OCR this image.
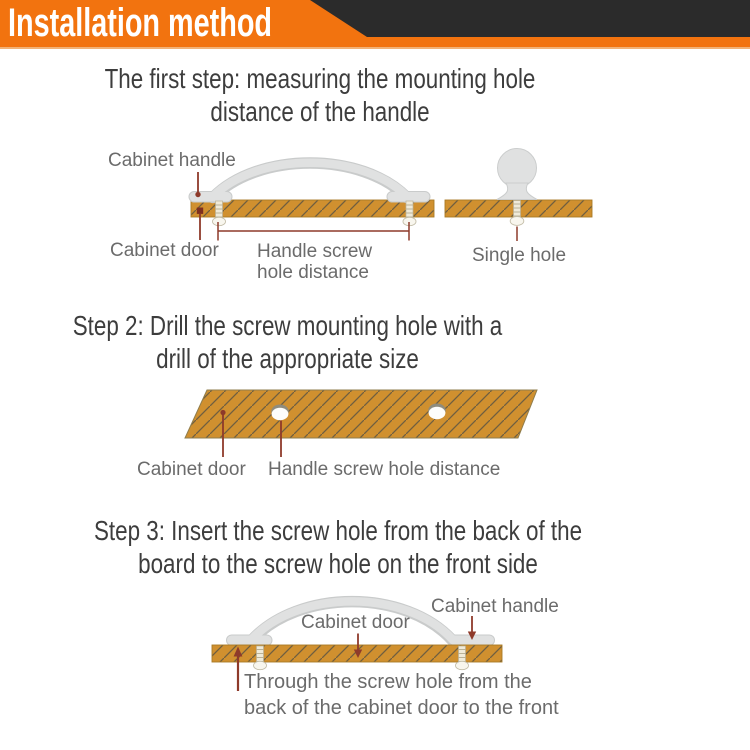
Installation method
The first step: measuring the mounting hole
distance of the handle
Step 2: Drill the screw mounting hole with a
drill of the appropriate size
Step 3: Insert the screw hole from the back of the
board to the screw hole on the front side
Cabinet handle
Cabinet door Handle screw
hole distance
Single hole
Cabinet door Handle screw hole distance
Cabinet door
Cabinet handle
Through the screw hole from the
back of the cabinet door to the front
